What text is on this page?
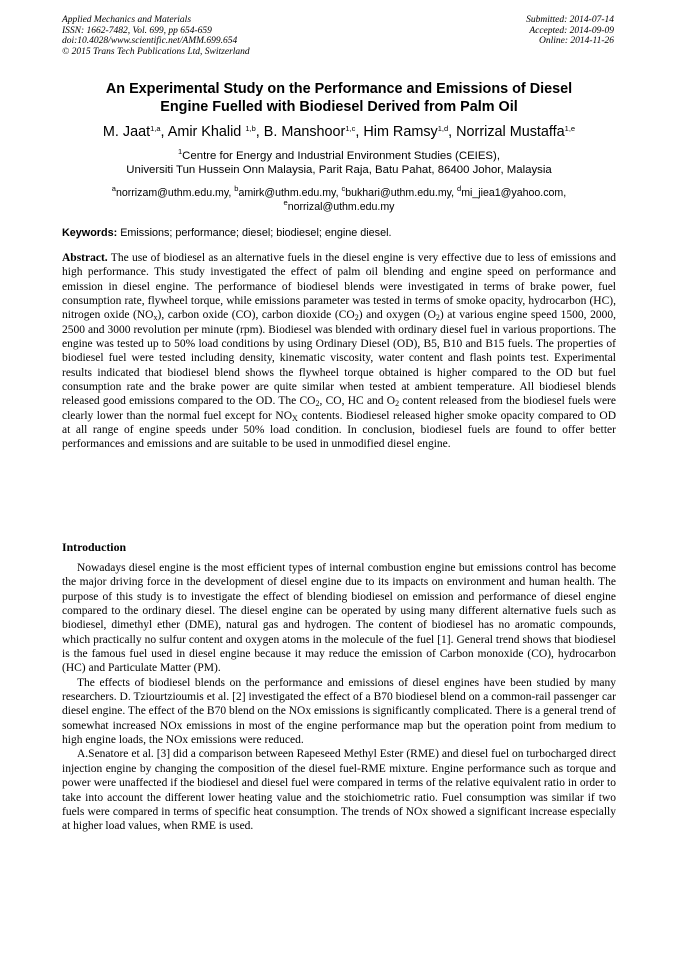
Applied Mechanics and Materials
ISSN: 1662-7482, Vol. 699, pp 654-659
doi:10.4028/www.scientific.net/AMM.699.654
© 2015 Trans Tech Publications Ltd, Switzerland
Submitted: 2014-07-14
Accepted: 2014-09-09
Online: 2014-11-26
An Experimental Study on the Performance and Emissions of Diesel
Engine Fuelled with Biodiesel Derived from Palm Oil
M. Jaat$^{1,a}$, Amir Khalid $^{1,b}$, B. Manshoor$^{1,c}$, Him Ramsy$^{1,d}$, Norrizal Mustaffa$^{1,e}$
$^1$Centre for Energy and Industrial Environment Studies (CEIES),
Universiti Tun Hussein Onn Malaysia, Parit Raja, Batu Pahat, 86400 Johor, Malaysia
$^a$norrizam@uthm.edu.my, $^b$amirk@uthm.edu.my, $^c$bukhari@uthm.edu.my, $^d$mi_jiea1@yahoo.com,
$^e$norrizal@uthm.edu.my
Keywords: Emissions; performance; diesel; biodiesel; engine diesel.

Abstract. The use of biodiesel as an alternative fuels in the diesel engine is very effective due to less of emissions and high performance. This study investigated the effect of palm oil blending and engine speed on performance and emission in diesel engine. The performance of biodiesel blends were investigated in terms of brake power, fuel consumption rate, flywheel torque, while emissions parameter was tested in terms of smoke opacity, hydrocarbon (HC), nitrogen oxide $(NO_x)$, carbon oxide (CO), carbon dioxide $(CO_2)$ and oxygen $(O_2)$ at various engine speed 1500, 2000, 2500 and 3000 revolution per minute (rpm). Biodiesel was blended with ordinary diesel fuel in various proportions. The engine was tested up to 50% load conditions by using Ordinary Diesel (OD), B5, B10 and B15 fuels. The properties of biodiesel fuel were tested including density, kinematic viscosity, water content and flash points test. Experimental results indicated that biodiesel blend shows the flywheel torque obtained is higher compared to the OD but fuel consumption rate and the brake power are quite similar when tested at ambient temperature. All biodiesel blends released good emissions compared to the OD. The $CO_2$, CO, HC and $O_2$ content released from the biodiesel fuels were clearly lower than the normal fuel except for $NO_X$ contents. Biodiesel released higher smoke opacity compared to OD at all range of engine speeds under 50% load condition. In conclusion, biodiesel fuels are found to offer better performances and emissions and are suitable to be used in unmodified diesel engine.

Introduction

Nowadays diesel engine is the most efficient types of internal combustion engine but emissions control has become the major driving force in the development of diesel engine due to its impacts on environment and human health. The purpose of this study is to investigate the effect of blending biodiesel on emission and performance of diesel engine compared to the ordinary diesel. The diesel engine can be operated by using many different alternative fuels such as biodiesel, dimethyl ether (DME), natural gas and hydrogen. The content of biodiesel has no aromatic compounds, which practically no sulfur content and oxygen atoms in the molecule of the fuel [1]. General trend shows that biodiesel is the famous fuel used in diesel engine because it may reduce the emission of Carbon monoxide (CO), hydrocarbon (HC) and Particulate Matter (PM).

The effects of biodiesel blends on the performance and emissions of diesel engines have been studied by many researchers. D. Tziourtzioumis et al. [2] investigated the effect of a B70 biodiesel blend on a common-rail passenger car diesel engine. The effect of the B70 blend on the NOx emissions is significantly complicated. There is a general trend of somewhat increased NOx emissions in most of the engine performance map but the operation point from medium to high engine loads, the NOx emissions were reduced.

A.Senatore et al. [3] did a comparison between Rapeseed Methyl Ester (RME) and diesel fuel on turbocharged direct injection engine by changing the composition of the diesel fuel-RME mixture. Engine performance such as torque and power were unaffected if the biodiesel and diesel fuel were compared in terms of the relative equivalent ratio in order to take into account the different lower heating value and the stoichiometric ratio. Fuel consumption was similar if two fuels were compared in terms of specific heat consumption. The trends of NOx showed a significant increase especially at higher load values, when RME is used.
